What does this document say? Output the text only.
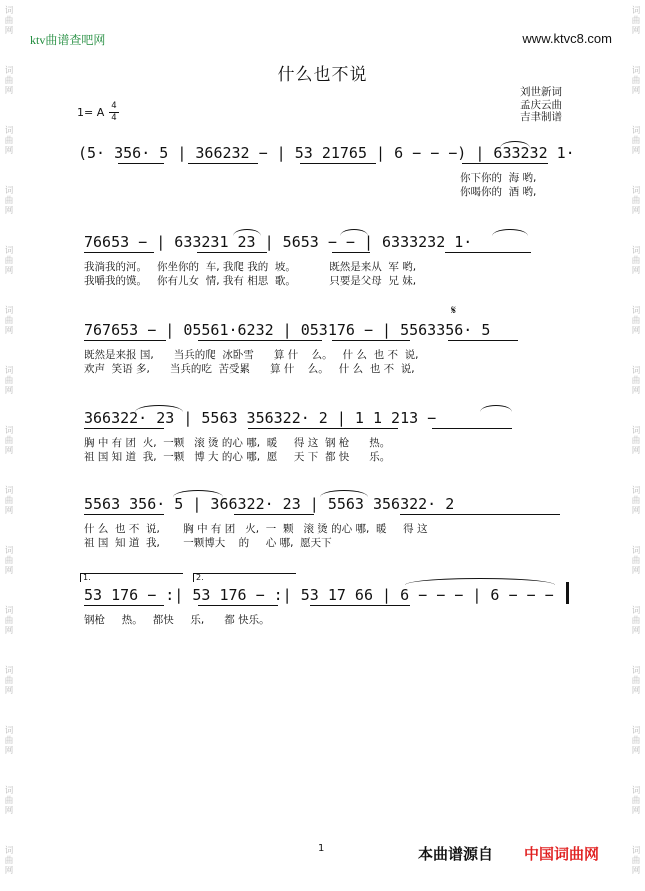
ktv曲谱查吧网	www.ktvc8.com
词
曲
网
词
曲
网
词
曲
网
词
曲
网
词
曲
网
词
曲
网
词
曲
网
词
曲
网
词
曲
网
词
曲
网
词
曲
网
词
曲
网
词
曲
网
词
曲
网
词
曲
网
词
曲
网
词
曲
网
词
曲
网
词
曲
网
词
曲
网
词
曲
网
词
曲
网
词
曲
网
词
曲
网
词
曲
网
词
曲
网
词
曲
网
词
曲
网
词
曲
网
词
曲
网
什么也不说
刘世新词
孟庆云曲
吉聿制谱
1= A 4
4
(5· 356· 5 | 366232 − | 53 21765 | 6 − − −) | 633232 1·
你下你的  海 哟,
你喝你的  酒 哟,
76653 − | 633231 23 | 5653 − − | 6333232 1·
我淌我的河。   你坐你的  车, 我爬 我的  坡。          既然是来从  军 哟,
我嚼我的馍。   你有儿女  情, 我有 相思  歌。          只要是父母  兄 妹,
767653 − | 05561·6232 | 053176 − | 5563356· 5
既然是来报 国,      当兵的爬  冰卧雪      算 什    么。   什 么  也 不  说,
欢声  笑语 多,      当兵的吃  苦受累      算 什    么。   什 么  也 不  说,
𝄋
366322· 23 | 5563 356322· 2 | 1 1 213 −
胸 中 有 团  火,  一颗   滚 烫 的心 哪,  暖     得 这  钢 枪      热。
祖 国 知 道  我,  一颗   博 大 的心 哪,  愿     天 下  都 快      乐。
5563 356· 5 | 366322· 23 | 5563 356322· 2
什 么  也 不  说,       胸 中 有 团   火,  一  颗   滚 烫 的心 哪,  暖     得 这
祖 国  知 道  我,       一颗博大    的     心 哪,  愿天下
1.	2.
53 176 − :| 53 176 − :| 53 17 66 | 6 − − − | 6 − − −
钢枪     热。   都快     乐,      都 快乐。
1	本曲谱源自 中国词曲网
